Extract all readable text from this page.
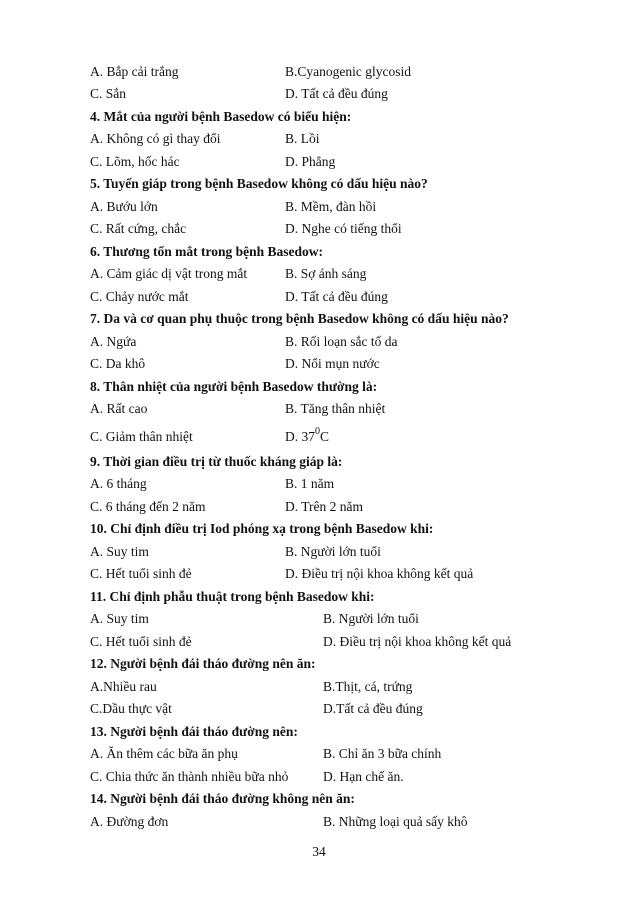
A. Bắp cải trắng	B.Cyanogenic glycosid
C. Sắn	D. Tất cả đều đúng
4. Mắt của người bệnh Basedow có biểu hiện:
A. Không có gì thay đổi	B. Lồi
C. Lõm, hốc hác	D. Phẳng
5. Tuyến giáp trong bệnh Basedow không có dấu hiệu nào?
A. Bướu lớn	B. Mềm, đàn hồi
C. Rất cứng, chắc	D. Nghe có tiếng thổi
6. Thương tổn mắt trong bệnh Basedow:
A. Cảm giác dị vật trong mắt	B. Sợ ánh sáng
C. Chảy nước mắt	D. Tất cả đều đúng
7. Da và cơ quan phụ thuộc trong bệnh Basedow không có dấu hiệu nào?
A. Ngứa	B. Rối loạn sắc tố da
C. Da khô	D. Nổi mụn nước
8. Thân nhiệt của người bệnh Basedow thường là:
A. Rất cao	B. Tăng thân nhiệt
C. Giảm thân nhiệt	D. $37^0C$
9. Thời gian điều trị từ thuốc kháng giáp là:
A. 6 tháng	B. 1 năm
C. 6 tháng đến 2 năm	D. Trên 2 năm
10. Chỉ định điều trị Iod phóng xạ trong bệnh Basedow khi:
A. Suy tim	B. Người lớn tuổi
C. Hết tuổi sinh đẻ	D. Điều trị nội khoa không kết quả
11. Chỉ định phẫu thuật trong bệnh Basedow khi:
A. Suy tim	B. Người lớn tuổi
C. Hết tuổi sinh đẻ	D. Điều trị nội khoa không kết quả
12. Người bệnh đái tháo đường nên ăn:
A.Nhiều rau	B.Thịt, cá, trứng
C.Dầu thực vật	D.Tất cả đều đúng
13. Người bệnh đái tháo đường nên:
A. Ăn thêm các bữa ăn phụ	B. Chỉ ăn 3 bữa chính
C. Chia thức ăn thành nhiều bữa nhỏ	D. Hạn chế ăn.
14. Người bệnh đái tháo đường không nên ăn:
A. Đường đơn	B. Những loại quả sấy khô
34
